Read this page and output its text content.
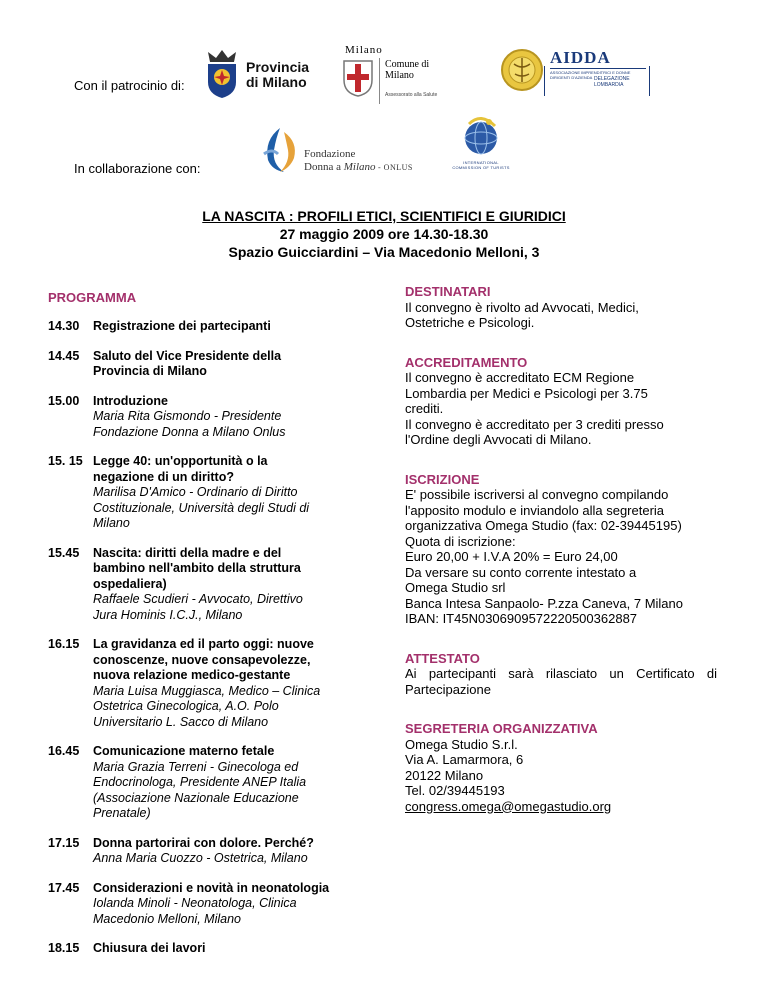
Con il patrocinio di:
In collaborazione con:
Provincia di Milano
Milano
Comune di Milano
Assessorato alla Salute
AIDDA
ASSOCIAZIONE IMPRENDITRICI E DONNE DIRIGENTI D'AZIENDA DELEGAZIONE LOMBARDIA
Fondazione
Donna a Milano - ONLUS
INTERNATIONAL COMMISSION OF TURISTS
LA NASCITA : PROFILI ETICI, SCIENTIFICI E GIURIDICI
27 maggio 2009 ore 14.30-18.30
Spazio Guicciardini – Via Macedonio Melloni, 3
PROGRAMMA
14.30	Registrazione dei partecipanti
14.45	Saluto del Vice Presidente della
Provincia di Milano
15.00	Introduzione
Maria Rita Gismondo - Presidente
Fondazione Donna a Milano Onlus
15. 15 Legge 40: un'opportunità o la
negazione di un diritto?
Marilisa D'Amico - Ordinario di Diritto
Costituzionale, Università degli Studi di
Milano
15.45	Nascita: diritti della madre e del
bambino nell'ambito della struttura
ospedaliera)
Raffaele Scudieri - Avvocato, Direttivo
Jura Hominis I.C.J., Milano
16.15	La gravidanza ed il parto oggi: nuove
conoscenze, nuove consapevolezze,
nuova relazione medico-gestante
Maria Luisa Muggiasca, Medico – Clinica
Ostetrica Ginecologica, A.O. Polo
Universitario L. Sacco di Milano
16.45	Comunicazione materno fetale
Maria Grazia Terreni - Ginecologa ed
Endocrinologa, Presidente ANEP Italia
(Associazione Nazionale Educazione
Prenatale)
17.15	Donna partorirai con dolore. Perché?
Anna Maria Cuozzo - Ostetrica, Milano
17.45	Considerazioni e novità in neonatologia
Iolanda Minoli - Neonatologa, Clinica
Macedonio Melloni, Milano
18.15	Chiusura dei lavori
DESTINATARI
Il convegno è rivolto ad Avvocati, Medici,
Ostetriche e Psicologi.
ACCREDITAMENTO
Il convegno è accreditato ECM Regione
Lombardia per Medici e Psicologi per 3.75
crediti.
Il convegno è accreditato per 3 crediti presso
l'Ordine degli Avvocati di Milano.
ISCRIZIONE
E' possibile iscriversi al convegno compilando
l'apposito modulo e inviandolo alla segreteria
organizzativa Omega Studio (fax: 02-39445195)
Quota di iscrizione:
Euro 20,00 + I.V.A 20% = Euro 24,00
Da versare su conto corrente intestato a
Omega Studio srl
Banca Intesa Sanpaolo- P.zza Caneva, 7 Milano
IBAN: IT45N0306909572220500362887
ATTESTATO
Ai partecipanti sarà rilasciato un Certificato di Partecipazione
SEGRETERIA ORGANIZZATIVA
Omega Studio S.r.l.
Via A. Lamarmora, 6
20122 Milano
Tel. 02/39445193
congress.omega@omegastudio.org
